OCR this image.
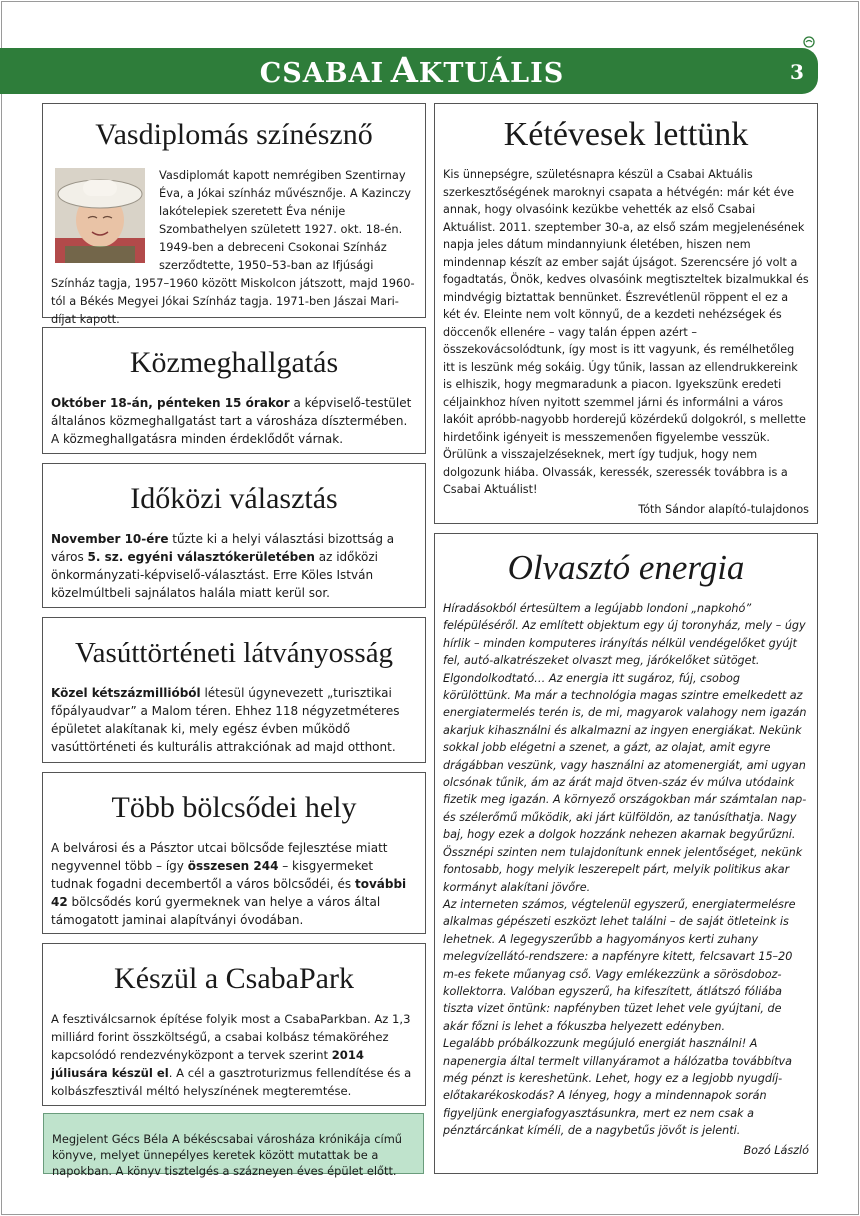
CSABAI AKTUÁLIS	3
Vasdiplomás színésznő

Vasdiplomát kapott nemrégiben Szentirnay Éva, a Jókai színház művésznője. A Kazinczy lakótelepiek szeretett Éva nénije Szombathelyen született 1927. okt. 18-én. 1949-ben a debreceni Csokonai Színház szerződtette, 1950–53-ban az Ifjúsági Színház tagja, 1957–1960 között Miskolcon játszott, majd 1960-tól a Békés Megyei Jókai Színház tagja. 1971-ben Jászai Mari-díjat kapott.

Közmeghallgatás

Október 18-án, pénteken 15 órakor a képviselő-testület általános közmeghallgatást tart a városháza dísztermében. A közmeghallgatásra minden érdeklődőt várnak.

Időközi választás

November 10-ére tűzte ki a helyi választási bizottság a város 5. sz. egyéni választókerületében az időközi önkormányzati-képviselő-választást. Erre Köles István közelmúltbeli sajnálatos halála miatt kerül sor.

Vasúttörténeti látványosság

Közel kétszázmillióból létesül úgynevezett „turisztikai főpályaudvar” a Malom téren. Ehhez 118 négyzetméteres épületet alakítanak ki, mely egész évben működő vasúttörténeti és kulturális attrakciónak ad majd otthont.

Több bölcsődei hely

A belvárosi és a Pásztor utcai bölcsőde fejlesztése miatt negyvennel több – így összesen 244 – kisgyermeket tudnak fogadni decembertől a város bölcsődéi, és további 42 bölcsődés korú gyermeknek van helye a város által támogatott jaminai alapítványi óvodában.

Készül a CsabaPark

A fesztiválcsarnok építése folyik most a CsabaParkban. Az 1,3 milliárd forint összköltségű, a csabai kolbász témaköréhez kapcsolódó rendezvényközpont a tervek szerint 2014 júliusára készül el. A cél a gasztroturizmus fellendítése és a kolbászfesztivál méltó helyszínének megteremtése.

Megjelent Gécs Béla A békéscsabai városháza krónikája című könyve, melyet ünnepélyes keretek között mutattak be a napokban. A könyv tisztelgés a százneyen éves épület előtt.

Kétévesek lettünk

Kis ünnepségre, születésnapra készül a Csabai Aktuális szerkesztőségének maroknyi csapata a hétvégén: már két éve annak, hogy olvasóink kezükbe vehették az első Csabai Aktuálist. 2011. szeptember 30-a, az első szám megjelenésének napja jeles dátum mindannyiunk életében, hiszen nem mindennap készít az ember saját újságot. Szerencsére jó volt a fogadtatás, Önök, kedves olvasóink megtiszteltek bizalmukkal és mindvégig biztattak bennünket. Észrevétlenül röppent el ez a két év. Eleinte nem volt könnyű, de a kezdeti nehézségek és döccenők ellenére – vagy talán éppen azért – összekovácsolódtunk, így most is itt vagyunk, és remélhetőleg itt is leszünk még sokáig. Úgy tűnik, lassan az ellendrukkereink is elhiszik, hogy megmaradunk a piacon. Igyekszünk eredeti céljainkhoz híven nyitott szemmel járni és informálni a város lakóit apróbb-nagyobb horderejű közérdekű dolgokról, s mellette hirdetőink igényeit is messzemenően figyelembe vesszük.

Örülünk a visszajelzéseknek, mert így tudjuk, hogy nem dolgozunk hiába. Olvassák, keressék, szeressék továbbra is a Csabai Aktuálist!

Tóth Sándor alapító-tulajdonos

Olvasztó energia

Híradásokból értesültem a legújabb londoni „napkohó” felépüléséről. Az említett objektum egy új toronyház, mely – úgy hírlik – minden komputeres irányítás nélkül vendégelőket gyújt fel, autó-alkatrészeket olvaszt meg, járókelőket sütöget. Elgondolkodtató… Az energia itt sugároz, fúj, csobog körülöttünk. Ma már a technológia magas szintre emelkedett az energiatermelés terén is, de mi, magyarok valahogy nem igazán akarjuk kihasználni és alkalmazni az ingyen energiákat. Nekünk sokkal jobb elégetni a szenet, a gázt, az olajat, amit egyre drágábban veszünk, vagy használni az atomenergiát, ami ugyan olcsónak tűnik, ám az árát majd ötven-száz év múlva utódaink fizetik meg igazán. A környező országokban már számtalan nap- és szélerőmű működik, aki járt külföldön, az tanúsíthatja. Nagy baj, hogy ezek a dolgok hozzánk nehezen akarnak begyűrűzni. Össznépi szinten nem tulajdonítunk ennek jelentőséget, nekünk fontosabb, hogy melyik leszerepelt párt, melyik politikus akar kormányt alakítani jövőre.

Az interneten számos, végtelenül egyszerű, energiatermelésre alkalmas gépészeti eszközt lehet találni – de saját ötleteink is lehetnek. A legegyszerűbb a hagyományos kerti zuhany melegvízellátó-rendszere: a napfényre kitett, felcsavart 15–20 m-es fekete műanyag cső. Vagy emlékezzünk a sörösdoboz-kollektorra. Valóban egyszerű, ha kifeszített, átlátszó fóliába tiszta vizet öntünk: napfényben tüzet lehet vele gyújtani, de akár főzni is lehet a fókuszba helyezett edényben.

Legalább próbálkozzunk megújuló energiát használni! A napenergia által termelt villanyáramot a hálózatba továbbítva még pénzt is kereshetünk. Lehet, hogy ez a legjobb nyugdíj-előtakarékoskodás? A lényeg, hogy a mindennapok során figyeljünk energiafogyasztásunkra, mert ez nem csak a pénztárcánkat kíméli, de a nagybetűs jövőt is jelenti.

Bozó László
